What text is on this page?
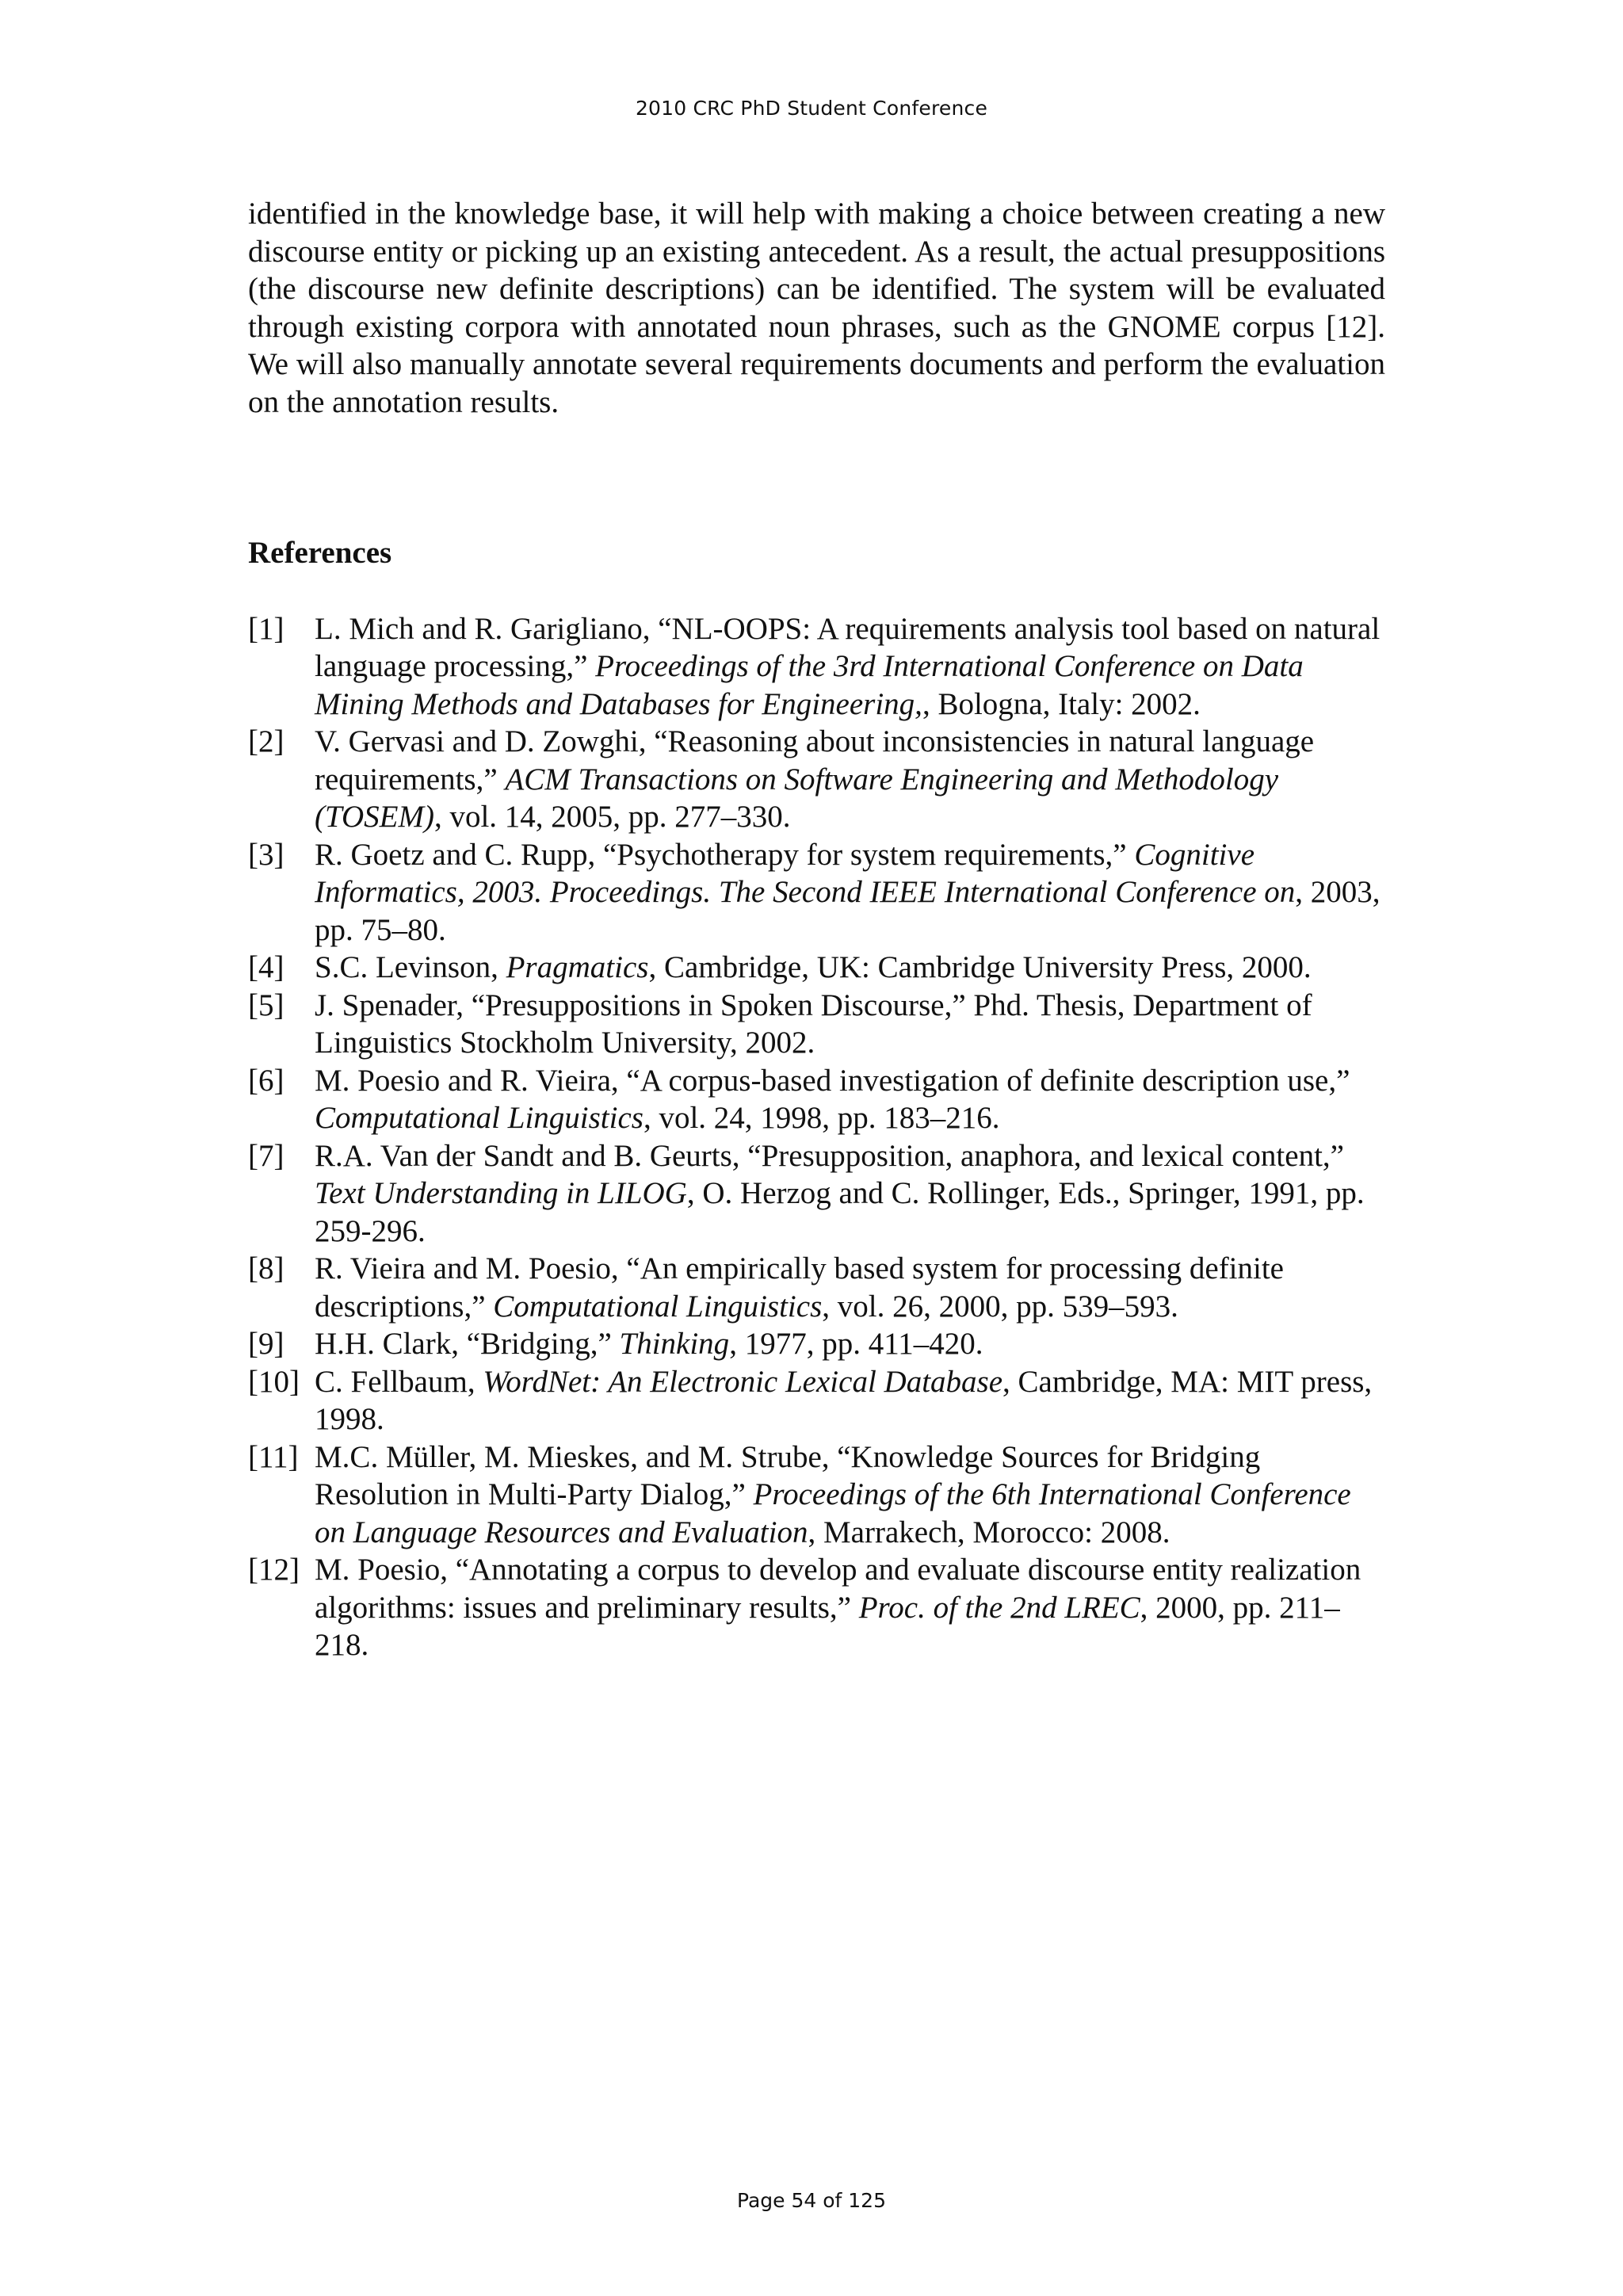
2010 CRC PhD Student Conference

identified in the knowledge base, it will help with making a choice between creating a new discourse entity or picking up an existing antecedent. As a result, the actual presuppositions (the discourse new definite descriptions) can be identified. The system will be evaluated through existing corpora with annotated noun phrases, such as the GNOME corpus [12]. We will also manually annotate several requirements documents and perform the evaluation on the annotation results.

References
[1] L. Mich and R. Garigliano, “NL-OOPS: A requirements analysis tool based on natural language processing,” Proceedings of the 3rd International Conference on Data Mining Methods and Databases for Engineering,, Bologna, Italy: 2002.
[2] V. Gervasi and D. Zowghi, “Reasoning about inconsistencies in natural language requirements,” ACM Transactions on Software Engineering and Methodology (TOSEM), vol. 14, 2005, pp. 277–330.
[3] R. Goetz and C. Rupp, “Psychotherapy for system requirements,” Cognitive Informatics, 2003. Proceedings. The Second IEEE International Conference on, 2003, pp. 75–80.
[4] S.C. Levinson, Pragmatics, Cambridge, UK: Cambridge University Press, 2000.
[5] J. Spenader, “Presuppositions in Spoken Discourse,” Phd. Thesis, Department of Linguistics Stockholm University, 2002.
[6] M. Poesio and R. Vieira, “A corpus-based investigation of definite description use,” Computational Linguistics, vol. 24, 1998, pp. 183–216.
[7] R.A. Van der Sandt and B. Geurts, “Presupposition, anaphora, and lexical content,” Text Understanding in LILOG, O. Herzog and C. Rollinger, Eds., Springer, 1991, pp. 259-296.
[8] R. Vieira and M. Poesio, “An empirically based system for processing definite descriptions,” Computational Linguistics, vol. 26, 2000, pp. 539–593.
[9] H.H. Clark, “Bridging,” Thinking, 1977, pp. 411–420.
[10] C. Fellbaum, WordNet: An Electronic Lexical Database, Cambridge, MA: MIT press, 1998.
[11] M.C. Müller, M. Mieskes, and M. Strube, “Knowledge Sources for Bridging Resolution in Multi-Party Dialog,” Proceedings of the 6th International Conference on Language Resources and Evaluation, Marrakech, Morocco: 2008.
[12] M. Poesio, “Annotating a corpus to develop and evaluate discourse entity realization algorithms: issues and preliminary results,” Proc. of the 2nd LREC, 2000, pp. 211–218.
Page 54 of 125
